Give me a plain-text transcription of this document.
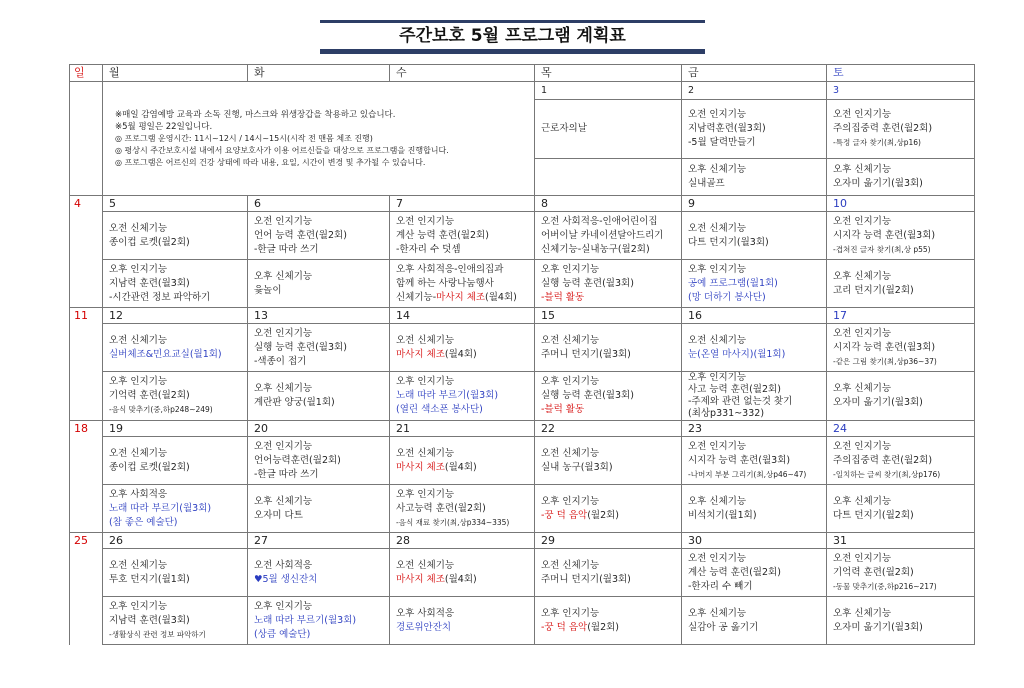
주간보호 5월 프로그램 계획표
일	월	화	수	목	금	토

	※매일 감염예방 교육과 소독 진행, 마스크와 위생장갑을 착용하고 있습니다.
※5월 평일은 22일입니다.
◎ 프로그램 운영시간: 11시~12시 / 14시~15시(시작 전 맨몸 체조 진행)
◎ 평상시 주간보호시설 내에서 요양보호사가 이용 어르신들을 대상으로 프로그램을 진행합니다.
◎ 프로그램은 어르신의 건강 상태에 따라 내용, 요일, 시간이 변경 및 추가될 수 있습니다.			1	2	3

				근로자의날	오전 인지기능
지남력훈련(월3회)
-5월 달력만들기	오전 인지기능
주의집중력 훈련(월2회)
-특정 글자 찾기(최,상p16)

					오후 신체기능
실내골프	오후 신체기능
오자미 옮기기(월3회)

4	5	6	7	8	9	10

	오전 신체기능
종이컵 로켓(월2회)	오전 인지기능
언어 능력 훈련(월2회)
-한글 따라 쓰기	오전 인지기능
계산 능력 훈련(월2회)
-한자리 수 덧셈	오전 사회적응-인애어린이집
어버이날 카네이션달아드리기
신체기능-실내농구(월2회)	오전 신체기능
다트 던지기(월3회)	오전 인지기능
시지각 능력 훈련(월3회)
-겹쳐진 글자 찾기(최,상 p55)

	오후 인지기능
지남력 훈련(월3회)
-시간관련 정보 파악하기	오후 신체기능
윷놀이	오후 사회적응-인애의집과
함께 하는 사랑나눔행사
신체기능-마사지 체조(월4회)	오후 인지기능
실행 능력 훈련(월3회)
-블럭 활동	오후 인지기능
공예 프로그램(월1회)
(망 더하기 봉사단)	오후 신체기능
고리 던지기(월2회)

11	12	13	14	15	16	17

	오전 신체기능
실버체조&민요교실(월1회)	오전 인지기능
실행 능력 훈련(월3회)
-색종이 접기	오전 신체기능
마사지 체조(월4회)	오전 신체기능
주머니 던지기(월3회)	오전 신체기능
눈(온열 마사지)(월1회)	오전 인지기능
시지각 능력 훈련(월3회)
-같은 그림 찾기(최,상p36~37)

	오후 인지기능
기억력 훈련(월2회)
-음식 맞추기(중,하p248~249)	오후 신체기능
계란판 양궁(월1회)	오후 인지기능
노래 따라 부르기(월3회)
(열린 색소폰 봉사단)	오후 인지기능
실행 능력 훈련(월3회)
-블럭 활동	오후 인지기능
사고 능력 훈련(월2회)
-주제와 관련 없는것 찾기
(최상p331~332)	오후 신체기능
오자미 옮기기(월3회)

18	19	20	21	22	23	24

	오전 신체기능
종이컵 로켓(월2회)	오전 인지기능
언어능력훈련(월2회)
-한글 따라 쓰기	오전 신체기능
마사지 체조(월4회)	오전 신체기능
실내 농구(월3회)	오전 인지기능
시지각 능력 훈련(월3회)
-나머지 부분 그리기(최,상p46~47)	오전 인지기능
주의집중력 훈련(월2회)
-일치하는 글씨 찾기(최,상p176)

	오후 사회적응
노래 따라 부르기(월3회)
(참 좋은 예술단)	오후 신체기능
오자미 다트	오후 인지기능
사고능력 훈련(월2회)
-음식 재료 찾기(최,상p334~335)	오후 인지기능
-꿍 덕 음악(월2회)	오후 신체기능
비석치기(월1회)	오후 신체기능
다트 던지기(월2회)

25	26	27	28	29	30	31

	오전 신체기능
투호 던지기(월1회)	오전 사회적응
♥5월 생신잔치	오전 신체기능
마사지 체조(월4회)	오전 신체기능
주머니 던지기(월3회)	오전 인지기능
계산 능력 훈련(월2회)
-한자리 수 빼기	오전 인지기능
기억력 훈련(월2회)
-동물 맞추기(중,하p216~217)

	오후 인지기능
지남력 훈련(월3회)
-생활상식 관련 정보 파악하기	오후 인지기능
노래 따라 부르기(월3회)
(상큼 예술단)	오후 사회적응
경로위안잔치	오후 인지기능
-꿍 덕 음악(월2회)	오후 신체기능
실감아 공 옮기기	오후 신체기능
오자미 옮기기(월3회)
